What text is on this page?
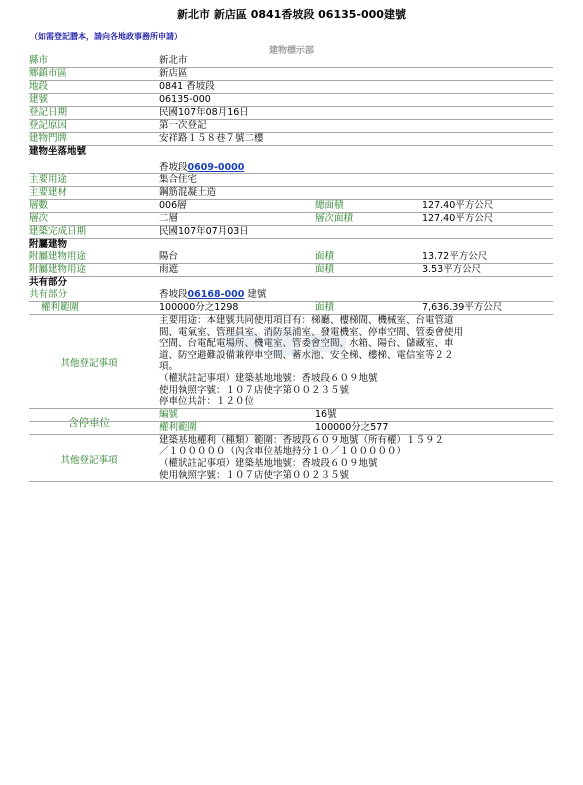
新北市 新店區 0841香坡段 06135-000建號
（如需登記謄本，請向各地政事務所申請）
建物標示部
縣市	新北市
鄉鎮市區	新店區
地段	0841 香坡段
建號	06135-000
登記日期	民國107年08月16日
登記原因	第一次登記
建物門牌	安祥路１５８巷７號二樓
建物坐落地號
香坡段0609-0000
主要用途	集合住宅
主要建材	鋼筋混凝土造
層數	006層	總面積	127.40平方公尺
層次	二層	層次面積	127.40平方公尺
建築完成日期	民國107年07月03日
附屬建物
附屬建物用途	陽台	面積	13.72平方公尺
附屬建物用途	雨遮	面積	3.53平方公尺
共有部分
共有部分	香坡段06168-000 建號
權利範圍	100000分之1298	面積	7,636.39平方公尺
其他登記事項
主要用途：本建號共同使用項目有：梯廳、樓梯間、機械室、台電管道
間、電氣室、管理員室、消防泵浦室、發電機室、停車空間、管委會使用
空間、台電配電場所、機電室、管委會空間、水箱、陽台、儲藏室、車
道、防空避難設備兼停車空間、蓄水池、安全梯、樓梯、電信室等２２
項。
（權狀註記事項）建築基地地號：香坡段６０９地號
使用執照字號：１０７店使字第００２３５號
停車位共計：１２０位
含停車位
編號	16號
權利範圍	100000分之577
其他登記事項
建築基地權利（種類）範圍：香坡段６０９地號（所有權）１５９２
／１０００００（內含車位基地持分１０／１０００００）
（權狀註記事項）建築基地地號：香坡段６０９地號
使用執照字號：１０７店使字第００２３５號
